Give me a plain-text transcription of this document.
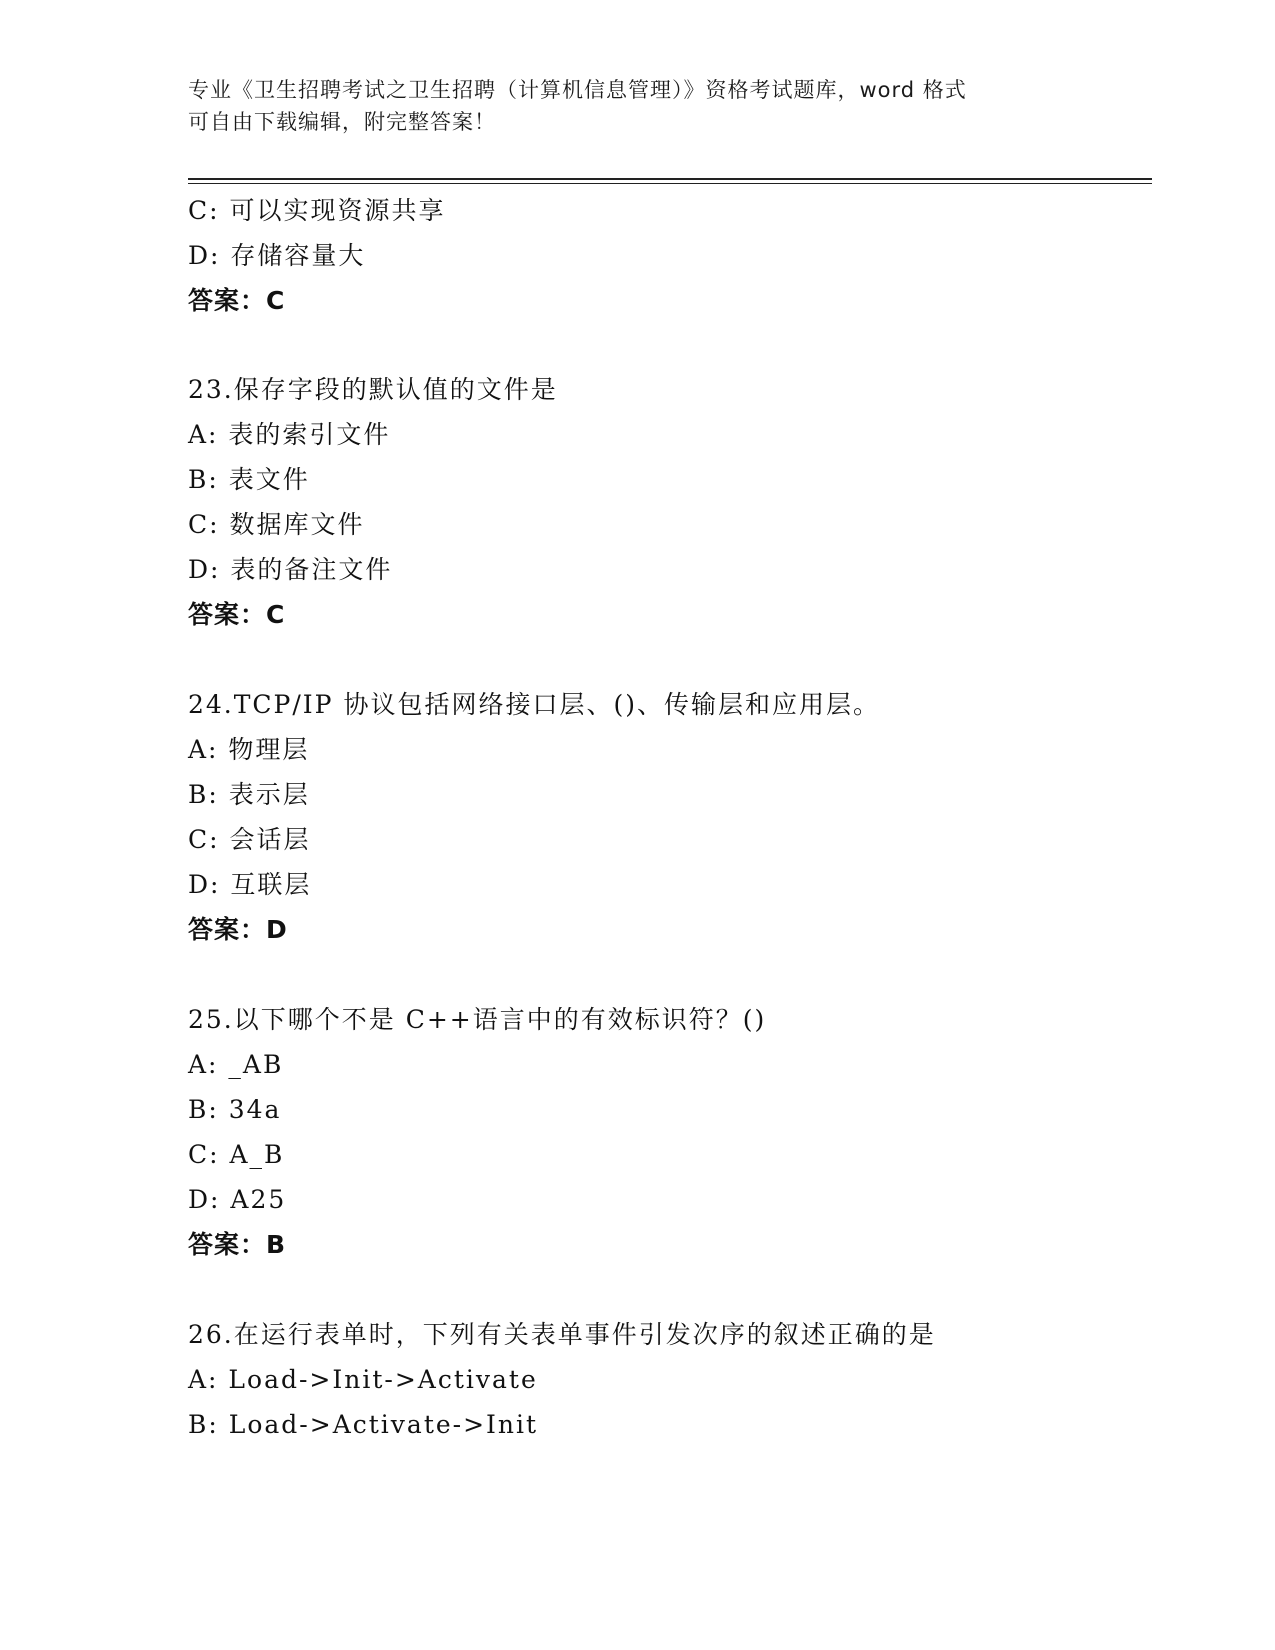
专业《卫生招聘考试之卫生招聘（计算机信息管理）》资格考试题库，word 格式
可自由下载编辑，附完整答案！
C: 可以实现资源共享
D: 存储容量大
答案：C
23.保存字段的默认值的文件是
A: 表的索引文件
B: 表文件
C: 数据库文件
D: 表的备注文件
答案：C
24.TCP/IP 协议包括网络接口层、()、传输层和应用层。
A: 物理层
B: 表示层
C: 会话层
D: 互联层
答案：D
25.以下哪个不是 C++语言中的有效标识符？()
A: _AB
B: 34a
C: A_B
D: A25
答案：B
26.在运行表单时，下列有关表单事件引发次序的叙述正确的是
A: Load->Init->Activate
B: Load->Activate->Init
